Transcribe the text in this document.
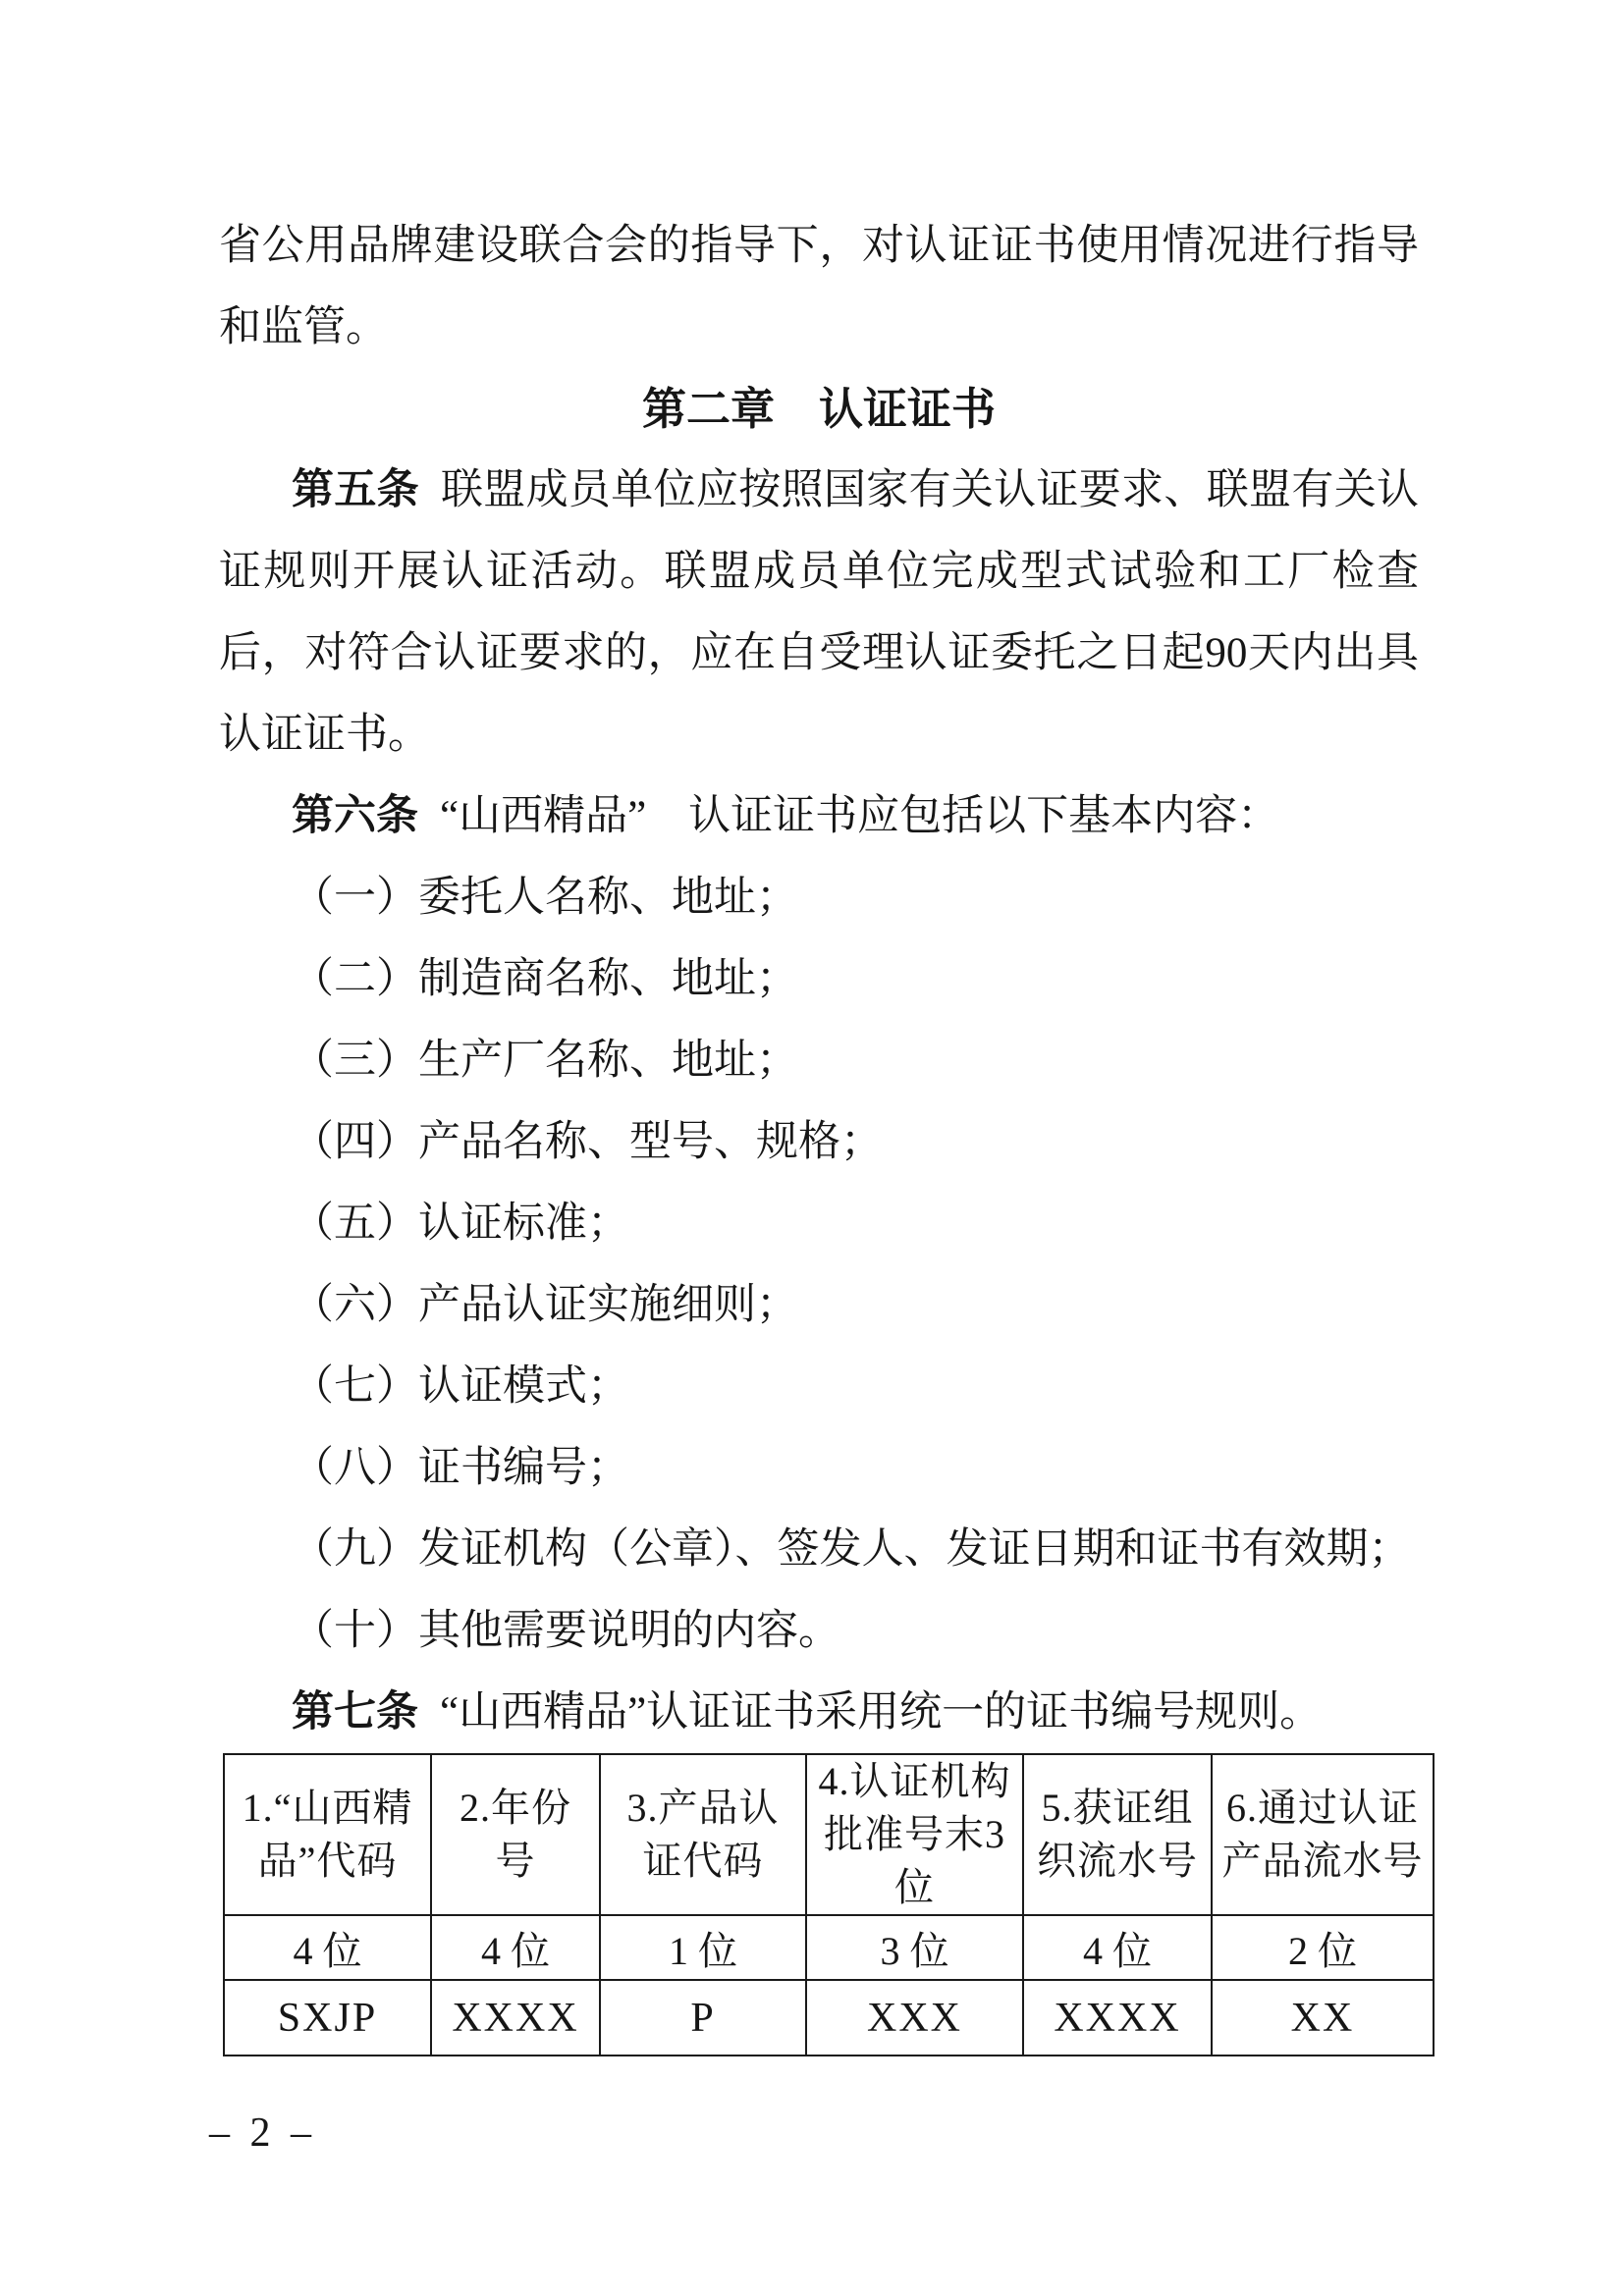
省公用品牌建设联合会的指导下，对认证证书使用情况进行指导和监管。

第二章　认证证书

第五条 联盟成员单位应按照国家有关认证要求、联盟有关认证规则开展认证活动。联盟成员单位完成型式试验和工厂检查后，对符合认证要求的，应在自受理认证委托之日起90天内出具认证证书。

第六条 “山西精品”　认证证书应包括以下基本内容：

（一）委托人名称、地址；

（二）制造商名称、地址；

（三）生产厂名称、地址；

（四）产品名称、型号、规格；

（五）认证标准；

（六）产品认证实施细则；

（七）认证模式；

（八）证书编号；

（九）发证机构（公章）、签发人、发证日期和证书有效期；

（十）其他需要说明的内容。

第七条 “山西精品”认证证书采用统一的证书编号规则。

1.“山西精品”代码	2.年份号	3.产品认证代码	4.认证机构批准号末3位	5.获证组织流水号	6.通过认证产品流水号
4 位	4 位	1 位	3 位	4 位	2 位
SXJP	XXXX	P	XXX	XXXX	XX
– 2 –
